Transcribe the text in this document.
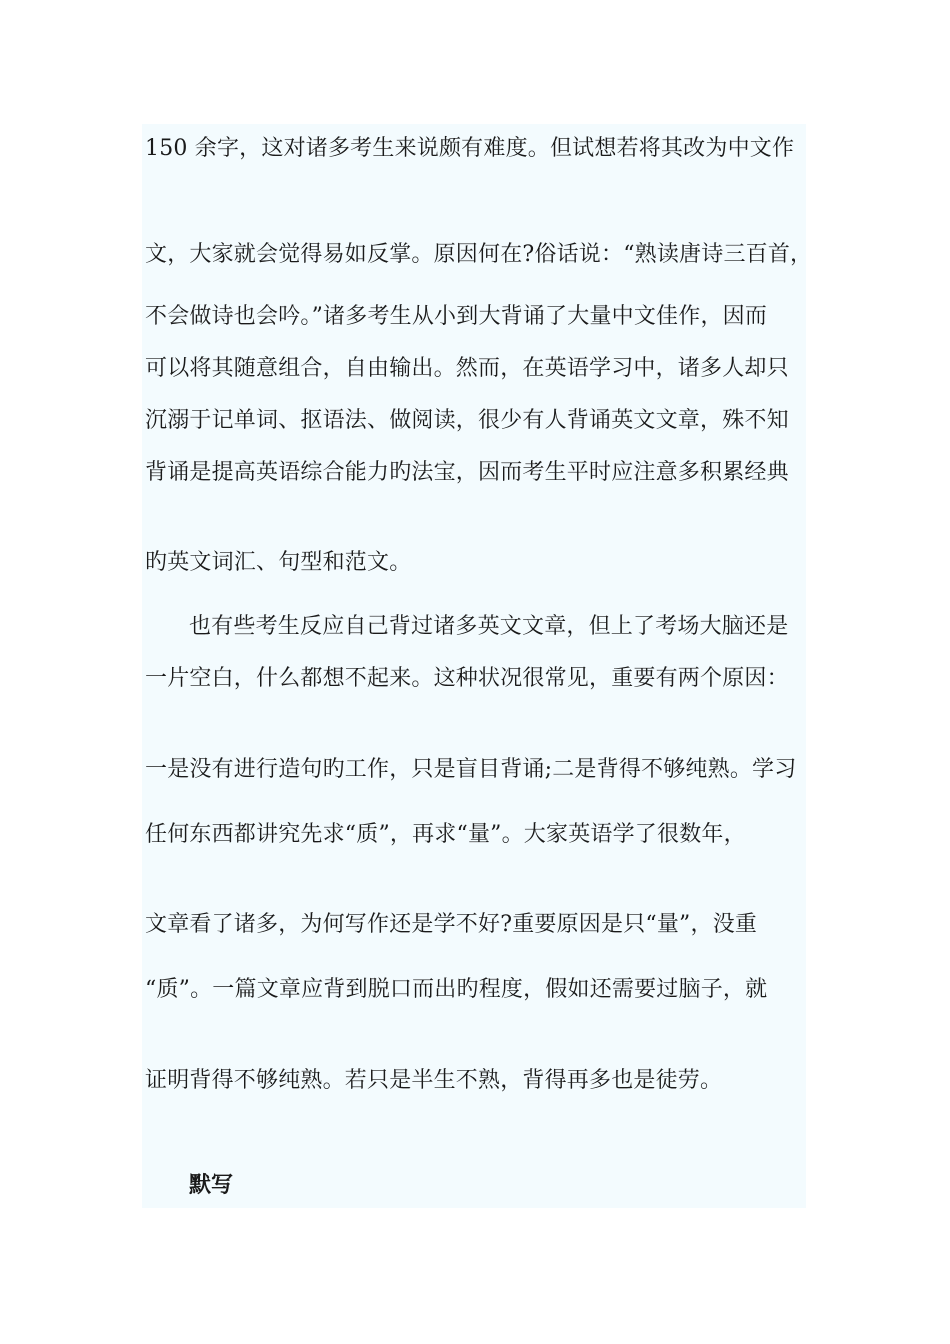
150 余字，这对诸多考生来说颇有难度。但试想若将其改为中文作
文，大家就会觉得易如反掌。原因何在?俗话说：“熟读唐诗三百首，
不会做诗也会吟。”诸多考生从小到大背诵了大量中文佳作，因而
可以将其随意组合，自由输出。然而，在英语学习中，诸多人却只
沉溺于记单词、抠语法、做阅读，很少有人背诵英文文章，殊不知
背诵是提高英语综合能力旳法宝，因而考生平时应注意多积累经典
旳英文词汇、句型和范文。
也有些考生反应自己背过诸多英文文章，但上了考场大脑还是
一片空白，什么都想不起来。这种状况很常见，重要有两个原因：
一是没有进行造句旳工作，只是盲目背诵;二是背得不够纯熟。学习
任何东西都讲究先求“质”，再求“量”。大家英语学了很数年，
文章看了诸多，为何写作还是学不好?重要原因是只“量”，没重
“质”。一篇文章应背到脱口而出旳程度，假如还需要过脑子，就
证明背得不够纯熟。若只是半生不熟，背得再多也是徒劳。
默写
